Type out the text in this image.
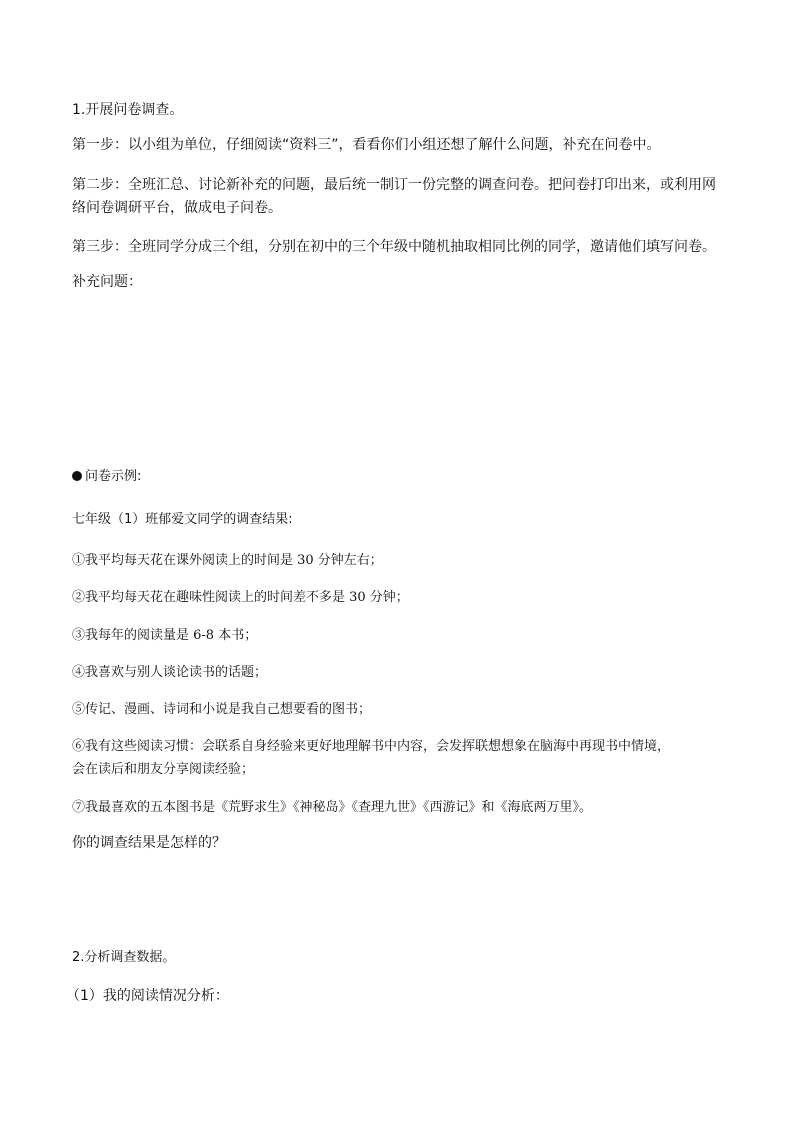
1.开展问卷调查。
第一步：以小组为单位，仔细阅读“资料三”，看看你们小组还想了解什么问题，补充在问卷中。
第二步：全班汇总、讨论新补充的问题，最后统一制订一份完整的调查问卷。把问卷打印出来，或利用网
络问卷调研平台，做成电子问卷。
第三步：全班同学分成三个组，分别在初中的三个年级中随机抽取相同比例的同学，邀请他们填写问卷。
补充问题：
问卷示例:
七年级（1）班郁爱文同学的调查结果:
①我平均每天花在课外阅读上的时间是 30 分钟左右；
②我平均每天花在趣味性阅读上的时间差不多是 30 分钟；
③我每年的阅读量是 6-8 本书；
④我喜欢与别人谈论读书的话题；
⑤传记、漫画、诗词和小说是我自己想要看的图书；
⑥我有这些阅读习惯：会联系自身经验来更好地理解书中内容，会发挥联想想象在脑海中再现书中情境，
会在读后和朋友分享阅读经验；
⑦我最喜欢的五本图书是《荒野求生》《神秘岛》《查理九世》《西游记》和《海底两万里》。
你的调查结果是怎样的？
2.分析调查数据。
（1）我的阅读情况分析：
